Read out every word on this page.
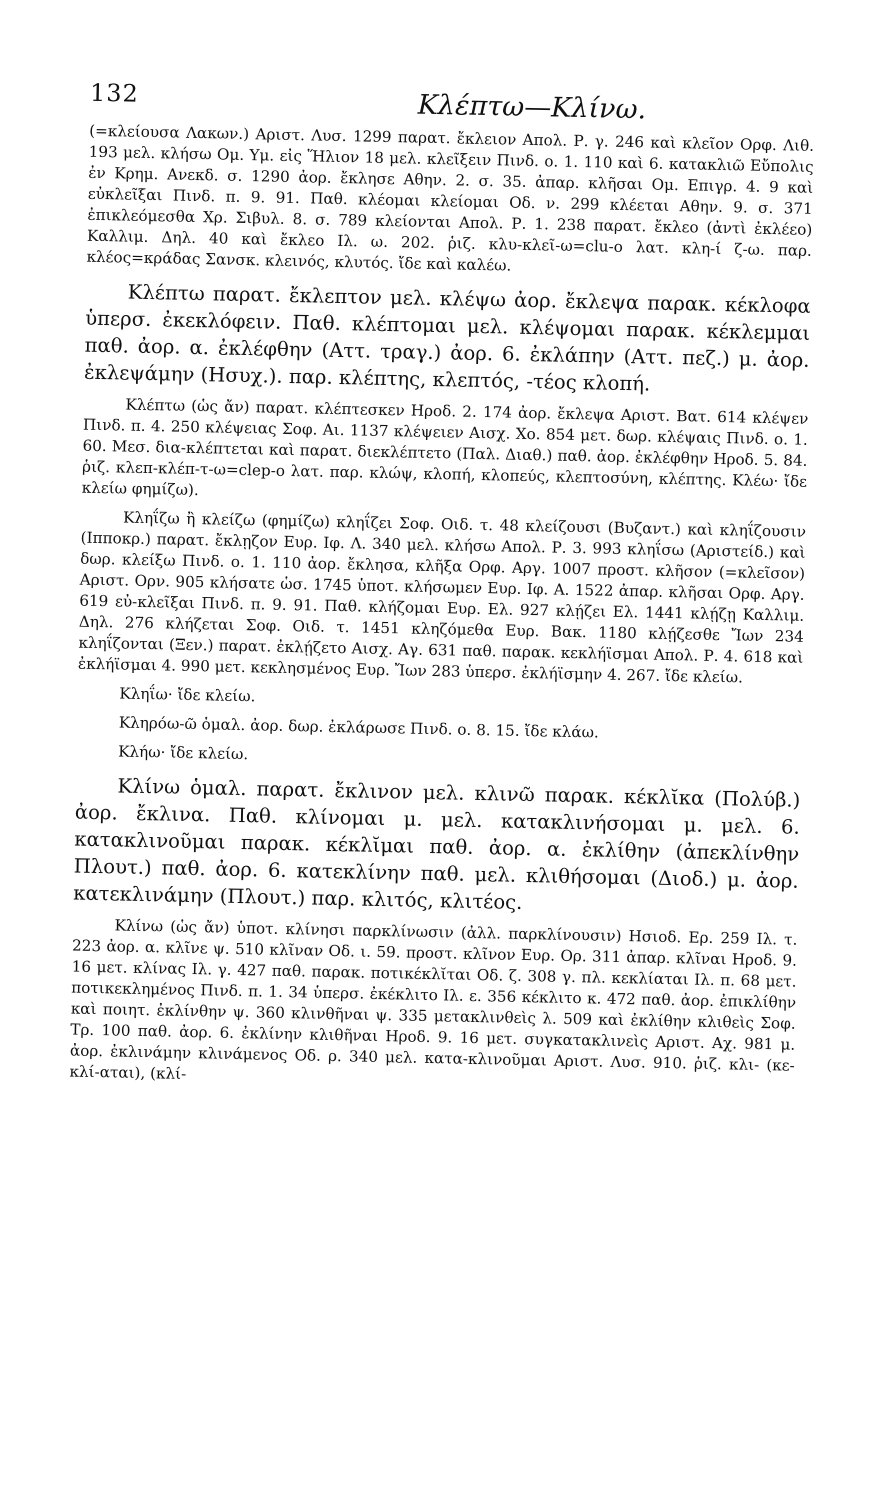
132	Κλέπτω—Κλίνω.
(=κλείουσα Λακων.) Αριστ. Λυσ. 1299 παρατ. ἔκλειον Απολ. Ρ. γ. 246 καὶ κλεῖον Ορφ. Λιθ. 193 μελ. κλήσω Ομ. Υμ. εἰς Ἥλιον 18 μελ. κλεῖξειν Πινδ. ο. 1. 110 καὶ 6. κατακλιῶ Εὔπολις ἐν Κρημ. Ανεκδ. σ. 1290 ἀορ. ἔκλησε Αθην. 2. σ. 35. ἀπαρ. κλῆσαι Ομ. Επιγρ. 4. 9 καὶ εὐκλεῖξαι Πινδ. π. 9. 91. Παθ. κλέομαι κλείομαι Οδ. ν. 299 κλέεται Αθην. 9. σ. 371 ἐπικλεόμεσθα Χρ. Σιβυλ. 8. σ. 789 κλείονται Απολ. Ρ. 1. 238 παρατ. ἔκλεο (ἀντὶ ἐκλέεο) Καλλιμ. Δηλ. 40 καὶ ἔκλεο Ιλ. ω. 202. ῥιζ. κλυ-κλεῖ-ω=clu-o λατ. κλη-ί ζ-ω. παρ. κλέος=κράδας Σανσκ. κλεινός, κλυτός. ἴδε καὶ καλέω.
Κλέπτω παρατ. ἔκλεπτον μελ. κλέψω ἀορ. ἔκλεψα παρακ. κέκλοφα ὑπερσ. ἐκεκλόφειν. Παθ. κλέπτομαι μελ. κλέψομαι παρακ. κέκλεμμαι παθ. ἀορ. α. ἐκλέφθην (Αττ. τραγ.) ἀορ. 6. ἐκλάπην (Αττ. πεζ.) μ. ἀορ. ἐκλεψάμην (Ησυχ.). παρ. κλέπτης, κλεπτός, -τέος κλοπή.
Κλέπτω (ὡς ἄν) παρατ. κλέπτεσκεν Ηροδ. 2. 174 ἀορ. ἔκλεψα Αριστ. Βατ. 614 κλέψεν Πινδ. π. 4. 250 κλέψειας Σοφ. Αι. 1137 κλέψειεν Αισχ. Χο. 854 μετ. δωρ. κλέψαις Πινδ. ο. 1. 60. Μεσ. δια-κλέπτεται καὶ παρατ. διεκλέπτετο (Παλ. Διαθ.) παθ. ἀορ. ἐκλέφθην Ηροδ. 5. 84. ῥιζ. κλεπ-κλέπ-τ-ω=clep-o λατ. παρ. κλώψ, κλοπή, κλοπεύς, κλεπτοσύνη, κλέπτης. Κλέω· ἴδε κλείω φημίζω).
Κληΐζω ἢ κλείζω (φημίζω) κληΐζει Σοφ. Οιδ. τ. 48 κλείζουσι (Βυζαντ.) καὶ κληΐζουσιν (Ιπποκρ.) παρατ. ἔκλῃζον Ευρ. Ιφ. Λ. 340 μελ. κλήσω Απολ. Ρ. 3. 993 κληΐσω (Αριστείδ.) καὶ δωρ. κλείξω Πινδ. ο. 1. 110 ἀορ. ἔκλησα, κλῆξα Ορφ. Αργ. 1007 προστ. κλῆσον (=κλεῖσον) Αριστ. Ορν. 905 κλήσατε ὡσ. 1745 ὑποτ. κλήσωμεν Ευρ. Ιφ. Α. 1522 ἀπαρ. κλῆσαι Ορφ. Αργ. 619 εὐ-κλεῖξαι Πινδ. π. 9. 91. Παθ. κλήζομαι Ευρ. Ελ. 927 κλῄζει Ελ. 1441 κλῄζῃ Καλλιμ. Δηλ. 276 κλήζεται Σοφ. Οιδ. τ. 1451 κληζόμεθα Ευρ. Βακ. 1180 κλῄζεσθε Ἴων 234 κληΐζονται (Ξεν.) παρατ. ἐκλῄζετο Αισχ. Αγ. 631 παθ. παρακ. κεκλήϊσμαι Απολ. Ρ. 4. 618 καὶ ἐκλήϊσμαι 4. 990 μετ. κεκλησμένος Ευρ. Ἴων 283 ὑπερσ. ἐκλήϊσμην 4. 267. ἴδε κλείω.
Κληΐω· ἴδε κλείω.
Κληρόω-ῶ ὁμαλ. ἀορ. δωρ. ἐκλάρωσε Πινδ. ο. 8. 15. ἴδε κλάω.
Κλήω· ἴδε κλείω.
Κλίνω ὁμαλ. παρατ. ἔκλινον μελ. κλινῶ παρακ. κέκλῐκα (Πολύβ.) ἀορ. ἔκλινα. Παθ. κλίνομαι μ. μελ. κατακλινήσομαι μ. μελ. 6. κατακλινοῦμαι παρακ. κέκλῐμαι παθ. ἀορ. α. ἐκλίθην (ἀπεκλίνθην Πλουτ.) παθ. ἀορ. 6. κατεκλίνην παθ. μελ. κλιθήσομαι (Διοδ.) μ. ἀορ. κατεκλινάμην (Πλουτ.) παρ. κλιτός, κλιτέος.
Κλίνω (ὡς ἄν) ὑποτ. κλίνησι παρκλίνωσιν (ἀλλ. παρκλίνουσιν) Ησιοδ. Ερ. 259 Ιλ. τ. 223 ἀορ. α. κλῖνε ψ. 510 κλῖναν Οδ. ι. 59. προστ. κλῖνον Ευρ. Ορ. 311 ἀπαρ. κλῖναι Ηροδ. 9. 16 μετ. κλίνας Ιλ. γ. 427 παθ. παρακ. ποτικέκλῐται Οδ. ζ. 308 γ. πλ. κεκλίαται Ιλ. π. 68 μετ. ποτικεκλημένος Πινδ. π. 1. 34 ὑπερσ. ἐκέκλιτο Ιλ. ε. 356 κέκλιτο κ. 472 παθ. ἀορ. ἐπικλίθην καὶ ποιητ. ἐκλίνθην ψ. 360 κλινθῆναι ψ. 335 μετακλινθεὶς λ. 509 καὶ ἐκλίθην κλιθεὶς Σοφ. Τρ. 100 παθ. ἀορ. 6. ἐκλίνην κλιθῆναι Ηροδ. 9. 16 μετ. συγκατακλινεὶς Αριστ. Αχ. 981 μ. ἀορ. ἐκλινάμην κλινάμενος Οδ. ρ. 340 μελ. κατα-κλινοῦμαι Αριστ. Λυσ. 910. ῥιζ. κλι- (κε-κλί-αται), (κλί-
